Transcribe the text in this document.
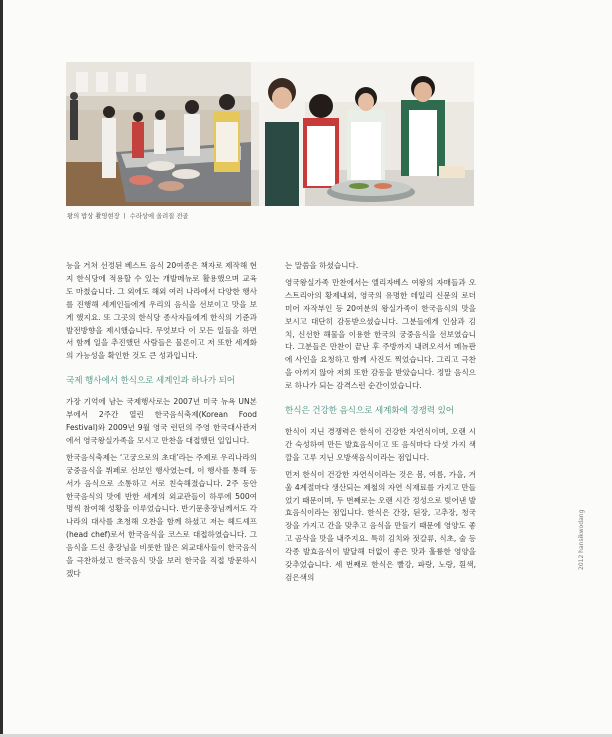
왕의 밥상 촬영현장 ㅣ 수라상에 올려질 전골

능을 거쳐 선정된 베스트 음식 20여종은 책자로 제작해 현지 한식당에 적용할 수 있는 개발메뉴로 활용했으며 교육도 마쳤습니다. 그 외에도 해외 여러 나라에서 다양한 행사를 진행해 세계인들에게 우리의 음식을 선보이고 맛을 보게 했지요. 또 그곳의 한식당 종사자들에게 한식의 기준과 발전방향을 제시했습니다. 무엇보다 이 모든 일들을 하면서 함께 일을 추진했던 사람들은 물론이고 저 또한 세계화의 가능성을 확인한 것도 큰 성과입니다.

국제 행사에서 한식으로 세계인과 하나가 되어

가장 기억에 남는 국제행사로는 2007년 미국 뉴욕 UN본부에서 2주간 열린 한국음식축제(Korean Food Festival)와 2009년 9월 영국 런던의 주영 한국대사관저에서 영국왕실가족을 모시고 만찬을 대접했던 일입니다.

한국음식축제는 ‘고궁으로의 초대’라는 주제로 우리나라의 궁중음식을 뷔페로 선보인 행사였는데, 이 행사를 통해 동서가 음식으로 소통하고 서로 친숙해졌습니다. 2주 동안 한국음식의 맛에 반한 세계의 외교관들이 하루에 500여 명씩 참여해 성황을 이루었습니다. 반기문총장님께서도 각 나라의 대사를 초청해 오찬을 함께 하셨고 저는 헤드셰프(head chef)로서 한국음식을 코스로 대접하였습니다. 그 음식을 드신 총장님을 비롯한 많은 외교대사들이 한국음식을 극찬하셨고 한국음식 맛을 보러 한국을 직접 방문하시겠다

는 말씀을 하셨습니다.

영국왕실가족 만찬에서는 엘리자베스 여왕의 자매들과 오스트리아의 황제내외, 영국의 유명한 데일리 신문의 로더미어 자작부인 등 20여분의 왕실가족이 한국음식의 맛을 보시고 대단히 감동받으셨습니다. 그분들에게 인삼과 김치, 신선한 해물을 이용한 한국의 궁중음식을 선보였습니다. 그분들은 만찬이 끝난 후 주방까지 내려오셔서 메뉴판에 사인을 요청하고 함께 사진도 찍었습니다. 그리고 극찬을 아끼지 않아 저희 또한 감동을 받았습니다. 정말 음식으로 하나가 되는 감격스런 순간이었습니다.

한식은 건강한 음식으로 세계화에 경쟁력 있어

한식이 지닌 경쟁력은 한식이 건강한 자연식이며, 오랜 시간 숙성하여 만든 발효음식이고 또 음식마다 다섯 가지 색깔을 고루 지닌 오방색음식이라는 점입니다.

먼저 한식이 건강한 자연식이라는 것은 봄, 여름, 가을, 겨울 4계절마다 생산되는 제철의 자연 식재료를 가지고 만들었기 때문이며, 두 번째로는 오랜 시간 정성으로 빚어낸 발효음식이라는 점입니다. 한식은 간장, 된장, 고추장, 청국장을 가지고 간을 맞추고 음식을 만들기 때문에 영양도 좋고 곰삭을 맛을 내주지요. 특히 김치와 젓갈류, 식초, 술 등 각종 발효음식이 발달해 더없이 좋은 맛과 훌륭한 영양을 갖추었습니다. 세 번째로 한식은 빨강, 파랑, 노랑, 흰색, 검은색의

2012 hansikwodang
